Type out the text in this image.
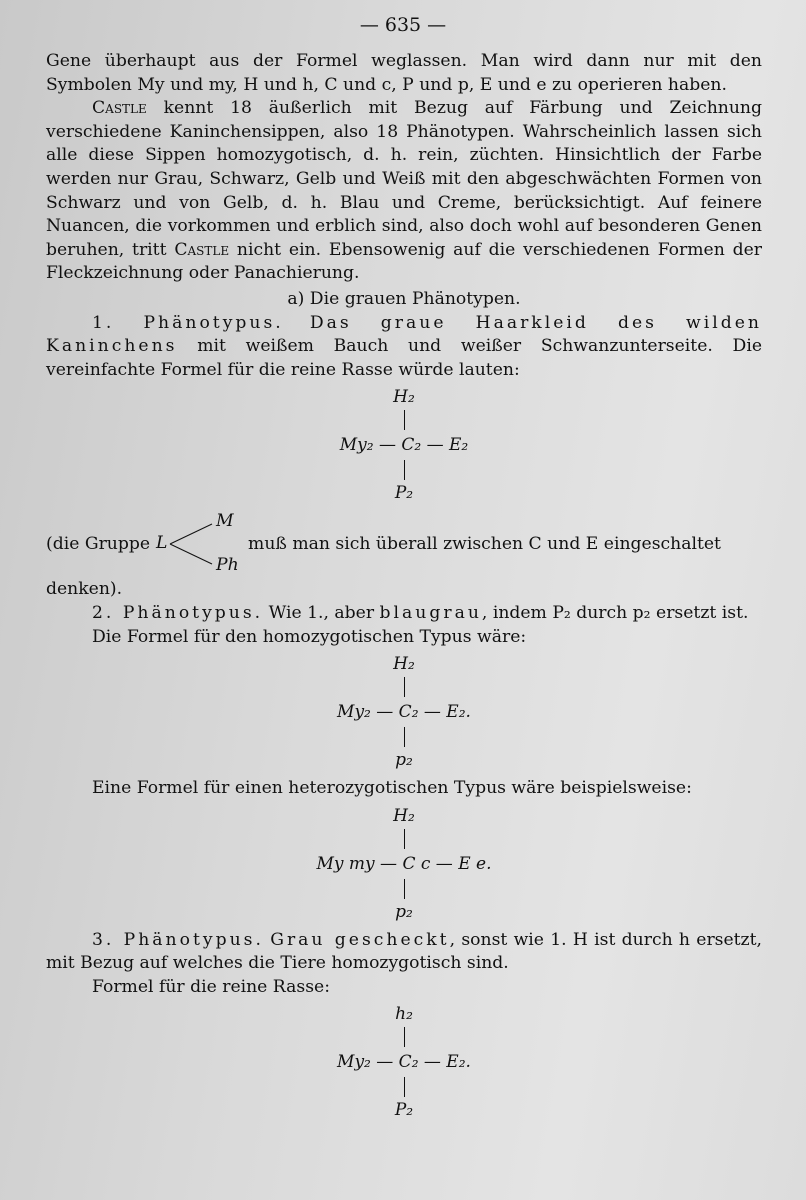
— 635 —

Gene überhaupt aus der Formel weglassen. Man wird dann nur mit den Symbolen My und my, H und h, C und c, P und p, E und e zu operieren haben.

Castle kennt 18 äußerlich mit Bezug auf Färbung und Zeichnung verschiedene Kaninchensippen, also 18 Phänotypen. Wahrscheinlich lassen sich alle diese Sippen homozygotisch, d. h. rein, züchten. Hinsichtlich der Farbe werden nur Grau, Schwarz, Gelb und Weiß mit den abgeschwächten Formen von Schwarz und von Gelb, d. h. Blau und Creme, berücksichtigt. Auf feinere Nuancen, die vorkommen und erblich sind, also doch wohl auf besonderen Genen beruhen, tritt Castle nicht ein. Ebensowenig auf die verschiedenen Formen der Fleckzeichnung oder Panachierung.

a) Die grauen Phänotypen.

1. Phänotypus. Das graue Haarkleid des wilden Kaninchens mit weißem Bauch und weißer Schwanzunterseite. Die vereinfachte Formel für die reine Rasse würde lauten:

H₂
My₂ — C₂ — E₂
P₂
(die Gruppe L
M
Ph
muß man sich überall zwischen C und E eingeschaltet

denken).

2. Phänotypus. Wie 1., aber blaugrau, indem P₂ durch p₂ ersetzt ist.

Die Formel für den homozygotischen Typus wäre:

H₂
My₂ — C₂ — E₂.
p₂

Eine Formel für einen heterozygotischen Typus wäre beispielsweise:

H₂
My my — C c — E e.
p₂

3. Phänotypus. Grau gescheckt, sonst wie 1. H ist durch h ersetzt, mit Bezug auf welches die Tiere homozygotisch sind.

Formel für die reine Rasse:

h₂
My₂ — C₂ — E₂.
P₂
